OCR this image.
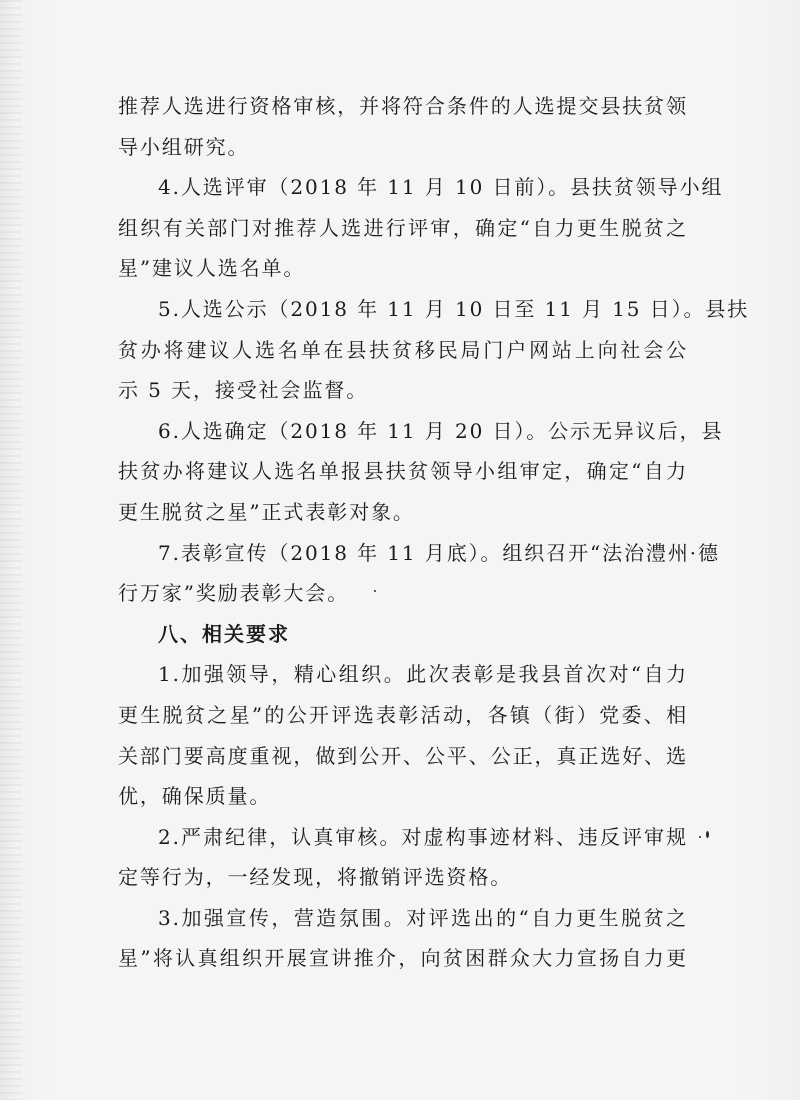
推荐人选进行资格审核，并将符合条件的人选提交县扶贫领
导小组研究。
4.人选评审（2018 年 11 月 10 日前）。县扶贫领导小组
组织有关部门对推荐人选进行评审，确定“自力更生脱贫之
星”建议人选名单。
5.人选公示（2018 年 11 月 10 日至 11 月 15 日）。县扶
贫办将建议人选名单在县扶贫移民局门户网站上向社会公
示 5 天，接受社会监督。
6.人选确定（2018 年 11 月 20 日）。公示无异议后，县
扶贫办将建议人选名单报县扶贫领导小组审定，确定“自力
更生脱贫之星”正式表彰对象。
7.表彰宣传（2018 年 11 月底）。组织召开“法治澧州·德
行万家”奖励表彰大会。
八、相关要求
1.加强领导，精心组织。此次表彰是我县首次对“自力
更生脱贫之星”的公开评选表彰活动，各镇（街）党委、相
关部门要高度重视，做到公开、公平、公正，真正选好、选
优，确保质量。
2.严肃纪律，认真审核。对虚构事迹材料、违反评审规
定等行为，一经发现，将撤销评选资格。
3.加强宣传，营造氛围。对评选出的“自力更生脱贫之
星”将认真组织开展宣讲推介，向贫困群众大力宣扬自力更
